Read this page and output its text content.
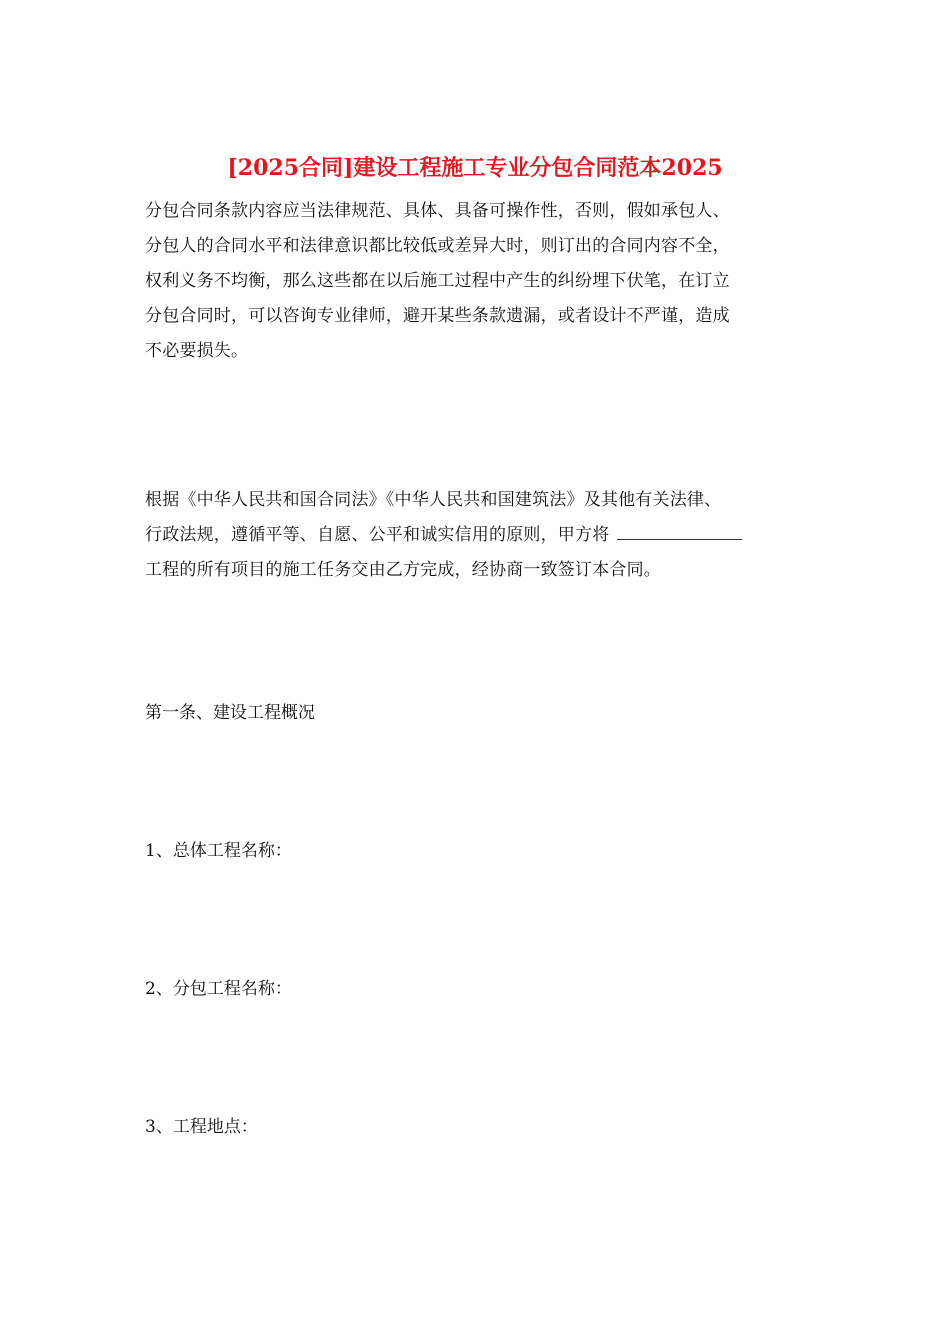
[2025合同]建设工程施工专业分包合同范本2025
分包合同条款内容应当法律规范、具体、具备可操作性，否则，假如承包人、
分包人的合同水平和法律意识都比较低或差异大时，则订出的合同内容不全，
权利义务不均衡，那么这些都在以后施工过程中产生的纠纷埋下伏笔，在订立
分包合同时，可以咨询专业律师，避开某些条款遗漏，或者设计不严谨，造成
不必要损失。
根据《中华人民共和国合同法》《中华人民共和国建筑法》及其他有关法律、
行政法规，遵循平等、自愿、公平和诚实信用的原则，甲方将
工程的所有项目的施工任务交由乙方完成，经协商一致签订本合同。
第一条、建设工程概况
1、总体工程名称：
2、分包工程名称：
3、工程地点：
